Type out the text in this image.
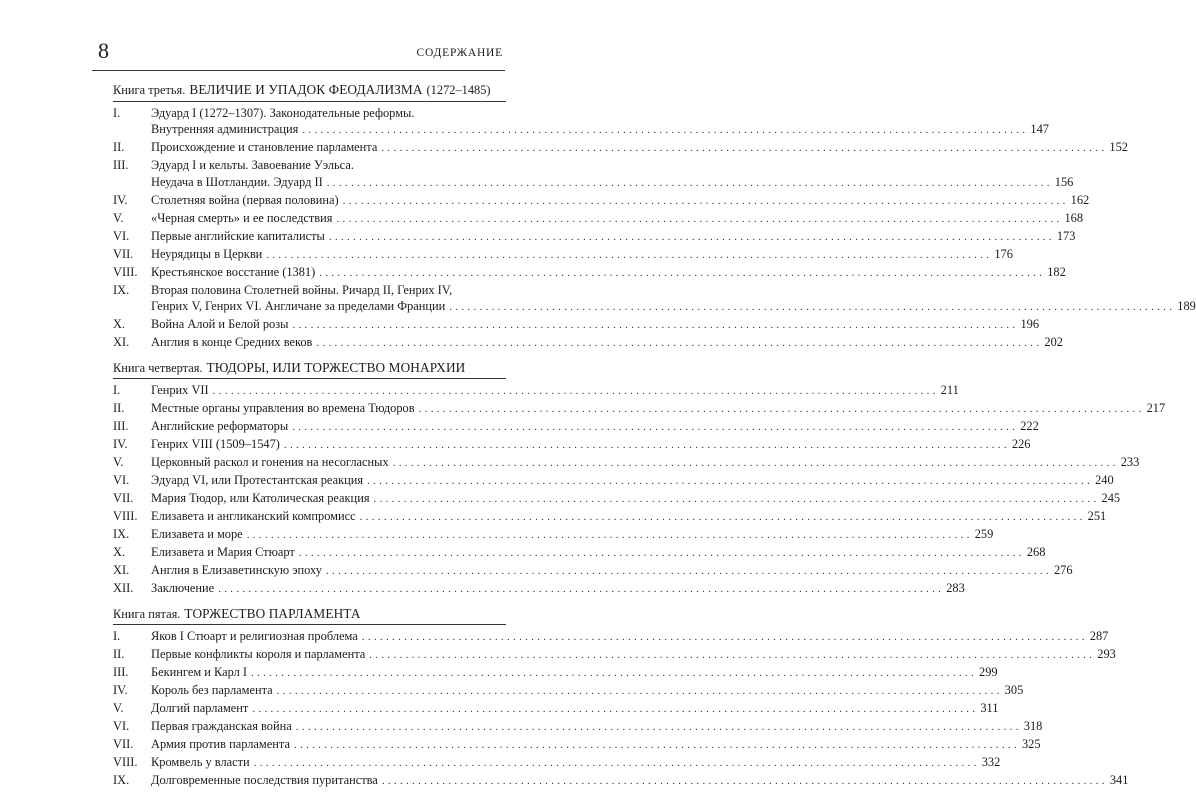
8	СОДЕРЖАНИЕ
Книга третья. ВЕЛИЧИЕ И УПАДОК ФЕОДАЛИЗМА (1272–1485)
I.	Эдуард I (1272–1307). Законодательные реформы.
Внутренняя администрация ........................................................................................................................ 147
II.	Происхождение и становление парламента ........................................................................................................................ 152
III.	Эдуард I и кельты. Завоевание Уэльса.
Неудача в Шотландии. Эдуард II ........................................................................................................................ 156
IV.	Столетняя война (первая половина) ........................................................................................................................ 162
V.	«Черная смерть» и ее последствия ........................................................................................................................ 168
VI.	Первые английские капиталисты ........................................................................................................................ 173
VII.	Неурядицы в Церкви ........................................................................................................................ 176
VIII.	Крестьянское восстание (1381) ........................................................................................................................ 182
IX.	Вторая половина Столетней войны. Ричард II, Генрих IV,
Генрих V, Генрих VI. Англичане за пределами Франции ........................................................................................................................ 189
X.	Война Алой и Белой розы ........................................................................................................................ 196
XI.	Англия в конце Средних веков ........................................................................................................................ 202
Книга четвертая. ТЮДОРЫ, ИЛИ ТОРЖЕСТВО МОНАРХИИ
I.	Генрих VII ........................................................................................................................ 211
II.	Местные органы управления во времена Тюдоров ........................................................................................................................ 217
III.	Английские реформаторы ........................................................................................................................ 222
IV.	Генрих VIII (1509–1547) ........................................................................................................................ 226
V.	Церковный раскол и гонения на несогласных ........................................................................................................................ 233
VI.	Эдуард VI, или Протестантская реакция ........................................................................................................................ 240
VII.	Мария Тюдор, или Католическая реакция ........................................................................................................................ 245
VIII.	Елизавета и англиканский компромисс ........................................................................................................................ 251
IX.	Елизавета и море ........................................................................................................................ 259
X.	Елизавета и Мария Стюарт ........................................................................................................................ 268
XI.	Англия в Елизаветинскую эпоху ........................................................................................................................ 276
XII.	Заключение ........................................................................................................................ 283
Книга пятая. ТОРЖЕСТВО ПАРЛАМЕНТА
I.	Яков I Стюарт и религиозная проблема ........................................................................................................................ 287
II.	Первые конфликты короля и парламента ........................................................................................................................ 293
III.	Бекингем и Карл I ........................................................................................................................ 299
IV.	Король без парламента ........................................................................................................................ 305
V.	Долгий парламент ........................................................................................................................ 311
VI.	Первая гражданская война ........................................................................................................................ 318
VII.	Армия против парламента ........................................................................................................................ 325
VIII.	Кромвель у власти ........................................................................................................................ 332
IX.	Долговременные последствия пуританства ........................................................................................................................ 341
